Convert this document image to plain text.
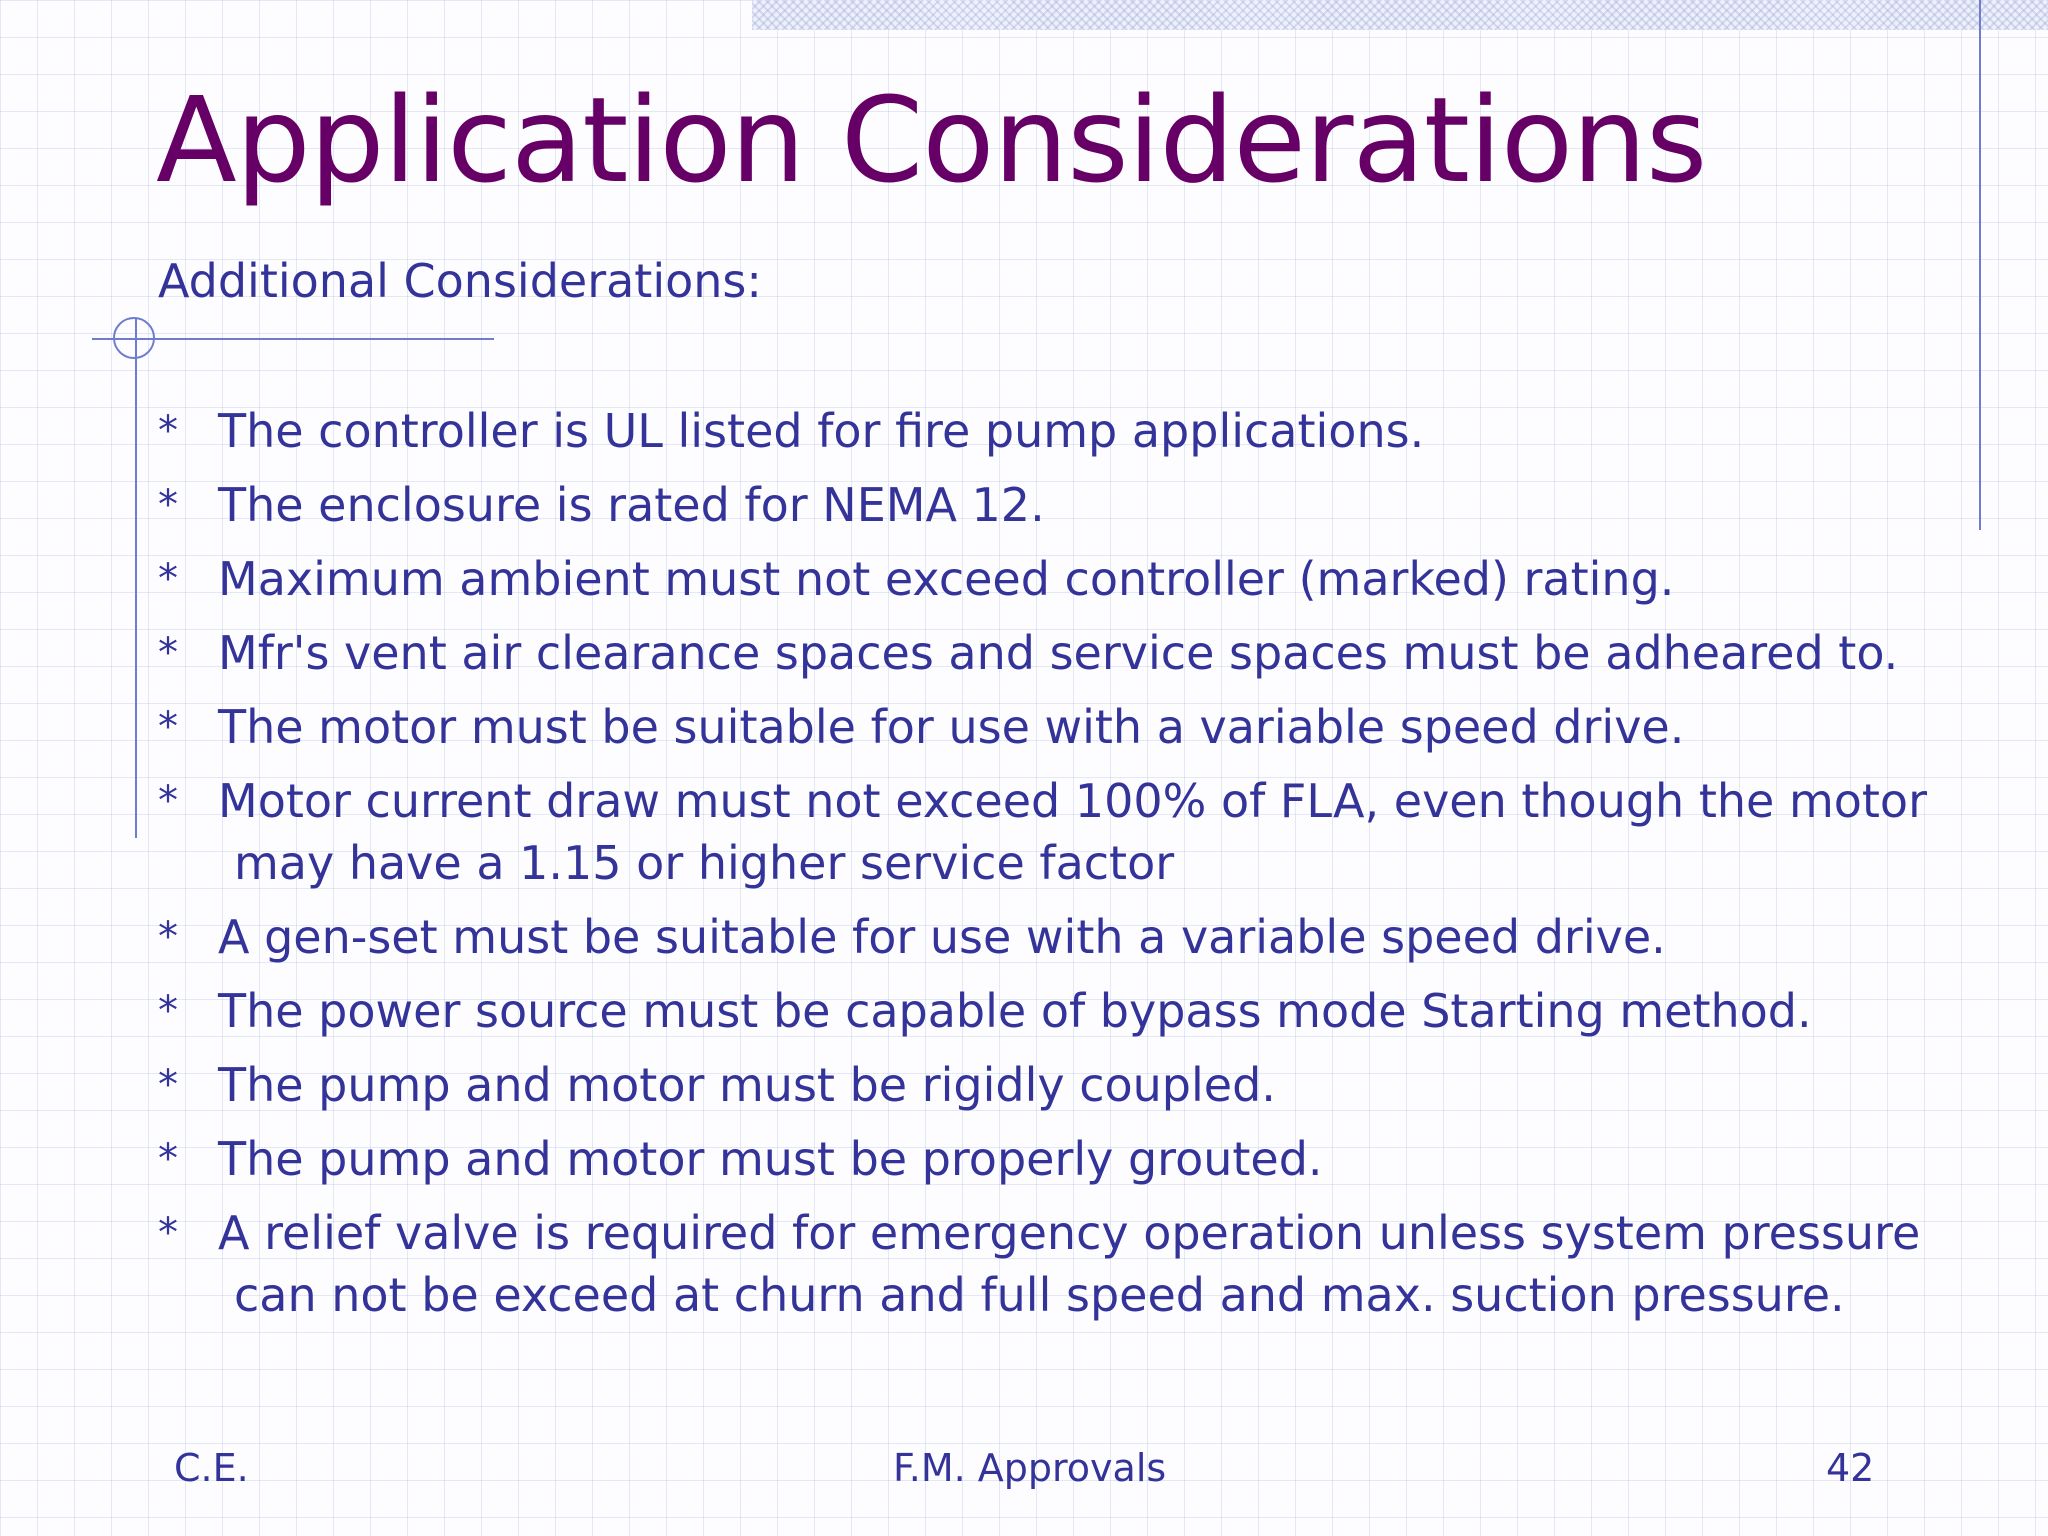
Application Considerations
Additional Considerations:
* The controller is UL listed for fire pump applications.
* The enclosure is rated for NEMA 12.
* Maximum ambient must not exceed controller (marked) rating.
* Mfr's vent air clearance spaces and service spaces must be adheared to.
* The motor must be suitable for use with a variable speed drive.
* Motor current draw must not exceed 100% of FLA, even though the motor
may have a 1.15 or higher service factor
* A gen-set must be suitable for use with a variable speed drive.
* The power source must be capable of bypass mode Starting method.
* The pump and motor must be rigidly coupled.
* The pump and motor must be properly grouted.
* A relief valve is required for emergency operation unless system pressure
can not be exceed at churn and full speed and max. suction pressure.
C.E.	F.M. Approvals	42
